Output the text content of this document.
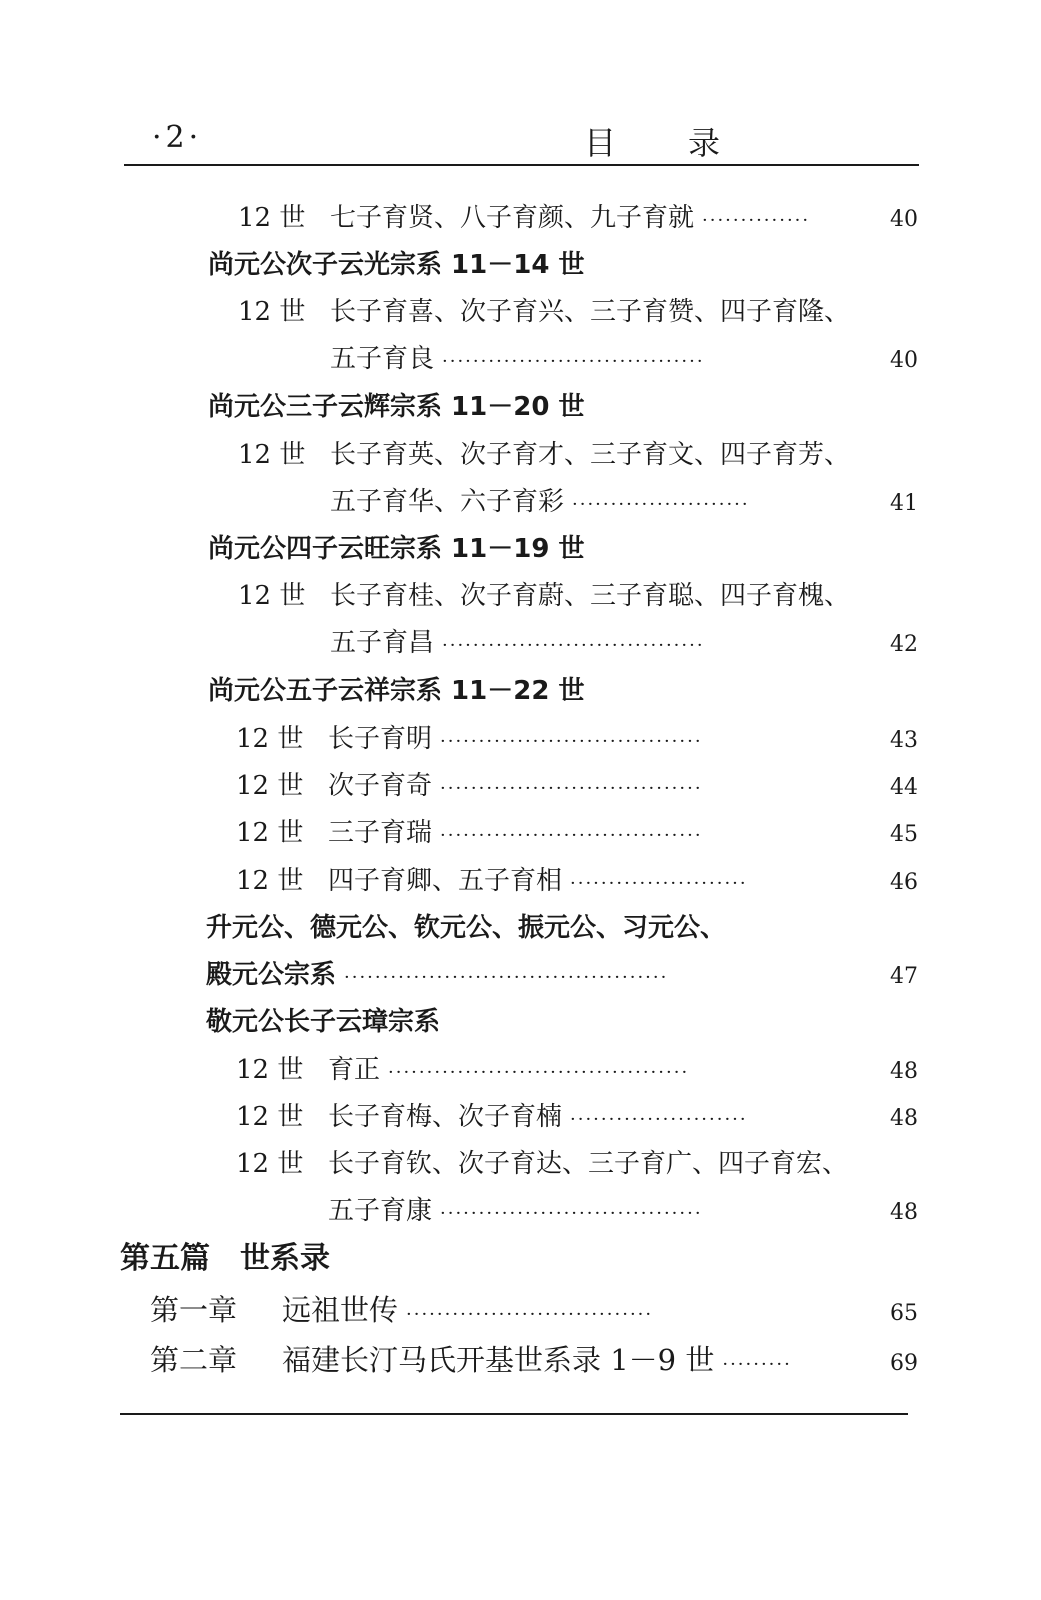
·2·	目录
12 世 七子育贤、八子育颜、九子育就 ··············	40
尚元公次子云光宗系 11－14 世
12 世 长子育喜、次子育兴、三子育赞、四子育隆、
五子育良 ··································	40
尚元公三子云辉宗系 11－20 世
12 世 长子育英、次子育才、三子育文、四子育芳、
五子育华、六子育彩 ·······················	41
尚元公四子云旺宗系 11－19 世
12 世 长子育桂、次子育蔚、三子育聪、四子育槐、
五子育昌 ··································	42
尚元公五子云祥宗系 11－22 世
12 世 长子育明 ··································	43
12 世 次子育奇 ··································	44
12 世 三子育瑞 ··································	45
12 世 四子育卿、五子育相 ·······················	46
升元公、德元公、钦元公、振元公、习元公、
殿元公宗系 ··········································	47
敬元公长子云璋宗系
12 世 育正 ·······································	48
12 世 长子育梅、次子育楠 ·······················	48
12 世 长子育钦、次子育达、三子育广、四子育宏、
五子育康 ··································	48
第五篇　世系录
第一章	远祖世传 ································	65
第二章	福建长汀马氏开基世系录 1－9 世 ·········	69
